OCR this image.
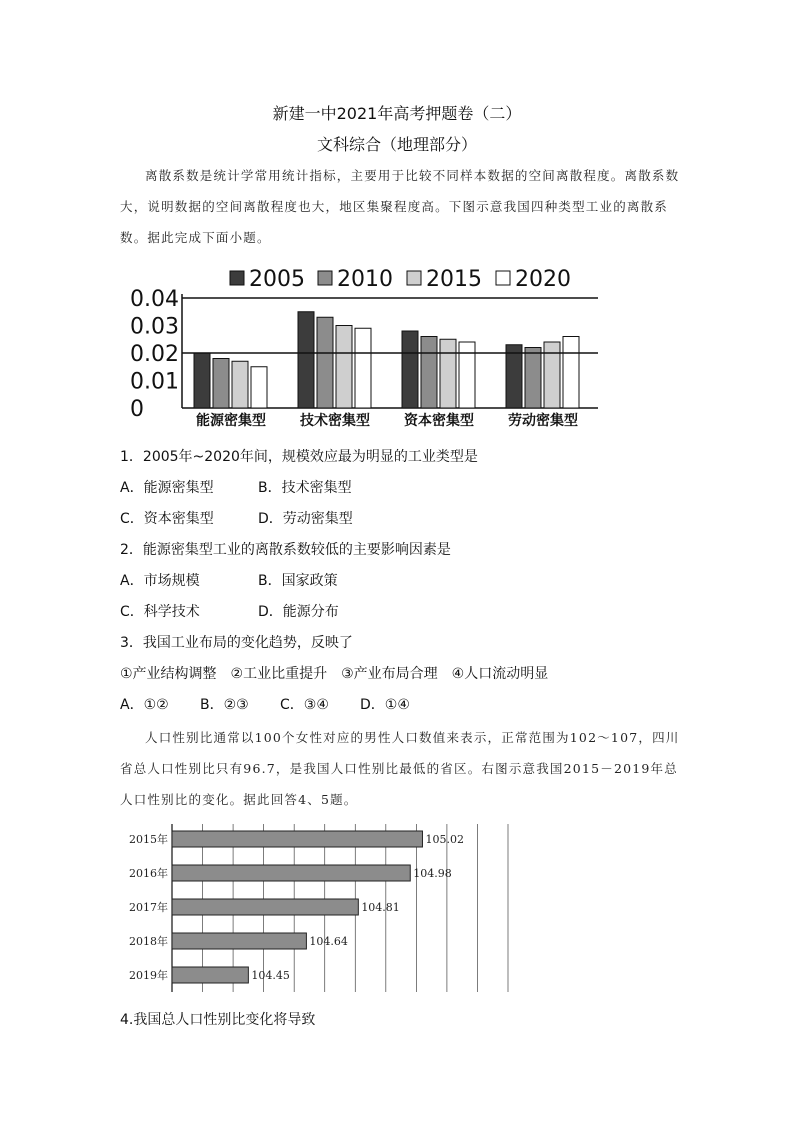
新建一中2021年高考押题卷（二）
文科综合（地理部分）
离散系数是统计学常用统计指标，主要用于比较不同样本数据的空间离散程度。离散系数大，说明数据的空间离散程度也大，地区集聚程度高。下图示意我国四种类型工业的离散系数。据此完成下面小题。
2005 2010 2015 2020
0.04
0.03
0.02
0.01
0	能源密集型 技术密集型 资本密集型 劳动密集型
1．2005年~2020年间，规模效应最为明显的工业类型是
A．能源密集型	B．技术密集型
C．资本密集型	D．劳动密集型
2．能源密集型工业的离散系数较低的主要影响因素是
A．市场规模	B．国家政策
C．科学技术	D．能源分布
3．我国工业布局的变化趋势，反映了
①产业结构调整　②工业比重提升　③产业布局合理　④人口流动明显
A．①② B．②③ C．③④ D．①④
人口性别比通常以100个女性对应的男性人口数值来表示，正常范围为102～107，四川省总人口性别比只有96.7，是我国人口性别比最低的省区。右图示意我国2015－2019年总人口性别比的变化。据此回答4、5题。
2015年	105.02
2016年	104.98
2017年	104.81
2018年	104.64
2019年	104.45
4.我国总人口性别比变化将导致
